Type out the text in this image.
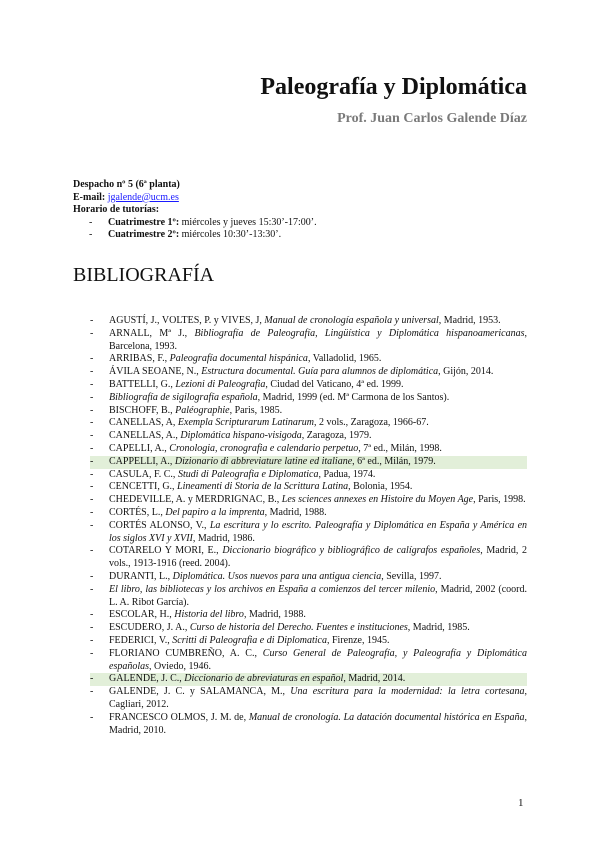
Paleografía y Diplomática
Prof. Juan Carlos Galende Díaz
Despacho nº 5 (6ª planta)
E-mail: jgalende@ucm.es
Horario de tutorías:
-	Cuatrimestre 1º: miércoles y jueves 15:30’-17:00’.
-	Cuatrimestre 2º: miércoles 10:30’-13:30’.
BIBLIOGRAFÍA
-	AGUSTÍ, J., VOLTES, P. y VIVES, J, Manual de cronología española y universal, Madrid, 1953.
-	ARNALL, Mª J., Bibliografía de Paleografía, Lingüística y Diplomática hispanoamericanas, Barcelona, 1993.
-	ARRIBAS, F., Paleografía documental hispánica, Valladolid, 1965.
-	ÁVILA SEOANE, N., Estructura documental. Guía para alumnos de diplomática, Gijón, 2014.
-	BATTELLI, G., Lezioni di Paleografia, Ciudad del Vaticano, 4ª ed. 1999.
-	Bibliografía de sigilografía española, Madrid, 1999 (ed. Mª Carmona de los Santos).
-	BISCHOFF, B., Paléographie, Paris, 1985.
-	CANELLAS, A, Exempla Scripturarum Latinarum, 2 vols., Zaragoza, 1966-67.
-	CANELLAS, A., Diplomática hispano-visigoda, Zaragoza, 1979.
-	CAPELLI, A., Cronologia, cronografia e calendario perpetuo, 7ª ed., Milán, 1998.
-	CAPPELLI, A., Dizionario di abbreviature latine ed italiane, 6ª ed., Milán, 1979.
-	CASULA, F. C., Studi di Paleografia e Diplomatica, Padua, 1974.
-	CENCETTI, G., Lineamenti di Storia de la Scrittura Latina, Bolonia, 1954.
-	CHEDEVILLE, A. y MERDRIGNAC, B., Les sciences annexes en Histoire du Moyen Age, Paris, 1998.
-	CORTÉS, L., Del papiro a la imprenta, Madrid, 1988.
-	CORTÉS ALONSO, V., La escritura y lo escrito. Paleografía y Diplomática en España y América en los siglos XVI y XVII, Madrid, 1986.
-	COTARELO Y MORI, E., Diccionario biográfico y bibliográfico de calígrafos españoles, Madrid, 2 vols., 1913-1916 (reed. 2004).
-	DURANTI, L., Diplomática. Usos nuevos para una antigua ciencia, Sevilla, 1997.
-	El libro, las bibliotecas y los archivos en España a comienzos del tercer milenio, Madrid, 2002 (coord. L. A. Ribot García).
-	ESCOLAR, H., Historia del libro, Madrid, 1988.
-	ESCUDERO, J. A., Curso de historia del Derecho. Fuentes e instituciones, Madrid, 1985.
-	FEDERICI, V., Scritti di Paleografia e di Diplomatica, Firenze, 1945.
-	FLORIANO CUMBREÑO, A. C., Curso General de Paleografía, y Paleografía y Diplomática españolas, Oviedo, 1946.
-	GALENDE, J. C., Diccionario de abreviaturas en español, Madrid, 2014.
-	GALENDE, J. C. y SALAMANCA, M., Una escritura para la modernidad: la letra cortesana, Cagliari, 2012.
-	FRANCESCO OLMOS, J. M. de, Manual de cronología. La datación documental histórica en España, Madrid, 2010.
1
